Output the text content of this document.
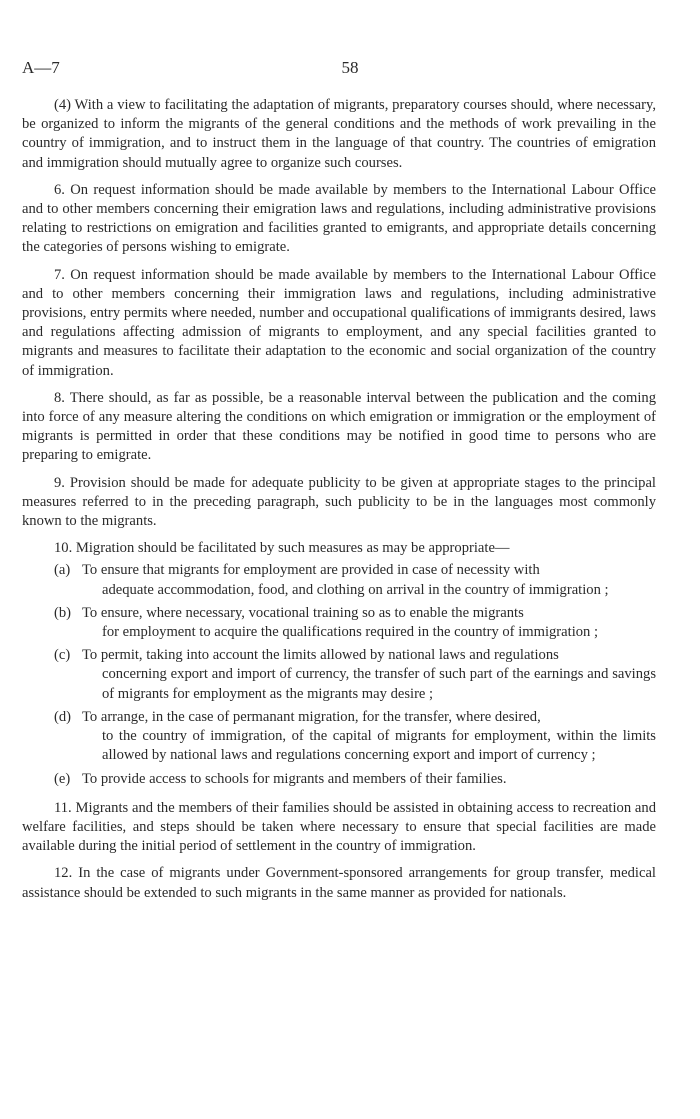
A—7	58

(4) With a view to facilitating the adaptation of migrants, preparatory courses should, where necessary, be organized to inform the migrants of the general conditions and the methods of work prevailing in the country of immigration, and to instruct them in the language of that country. The countries of emigration and immigration should mutually agree to organize such courses.

6. On request information should be made available by members to the International Labour Office and to other members concerning their emigration laws and regulations, including administrative provisions relating to restrictions on emigration and facilities granted to emigrants, and appropriate details concerning the categories of persons wishing to emigrate.

7. On request information should be made available by members to the International Labour Office and to other members concerning their immigration laws and regulations, including administrative provisions, entry permits where needed, number and occupational qualifications of immigrants desired, laws and regulations affecting admission of migrants to employment, and any special facilities granted to migrants and measures to facilitate their adaptation to the economic and social organization of the country of immigration.

8. There should, as far as possible, be a reasonable interval between the publication and the coming into force of any measure altering the conditions on which emigration or immigration or the employment of migrants is permitted in order that these conditions may be notified in good time to persons who are preparing to emigrate.

9. Provision should be made for adequate publicity to be given at appropriate stages to the principal measures referred to in the preceding paragraph, such publicity to be in the languages most commonly known to the migrants.

10. Migration should be facilitated by such measures as may be appropriate—

(a) To ensure that migrants for employment are provided in case of necessity with
adequate accommodation, food, and clothing on arrival in the country of immigration ;
(b) To ensure, where necessary, vocational training so as to enable the migrants
for employment to acquire the qualifications required in the country of immigration ;
(c) To permit, taking into account the limits allowed by national laws and regulations
concerning export and import of currency, the transfer of such part of the earnings and savings of migrants for employment as the migrants may desire ;
(d) To arrange, in the case of permanant migration, for the transfer, where desired,
to the country of immigration, of the capital of migrants for employment, within the limits allowed by national laws and regulations concerning export and import of currency ;
(e) To provide access to schools for migrants and members of their families.

11. Migrants and the members of their families should be assisted in obtaining access to recreation and welfare facilities, and steps should be taken where necessary to ensure that special facilities are made available during the initial period of settlement in the country of immigration.

12. In the case of migrants under Government-sponsored arrangements for group transfer, medical assistance should be extended to such migrants in the same manner as provided for nationals.
